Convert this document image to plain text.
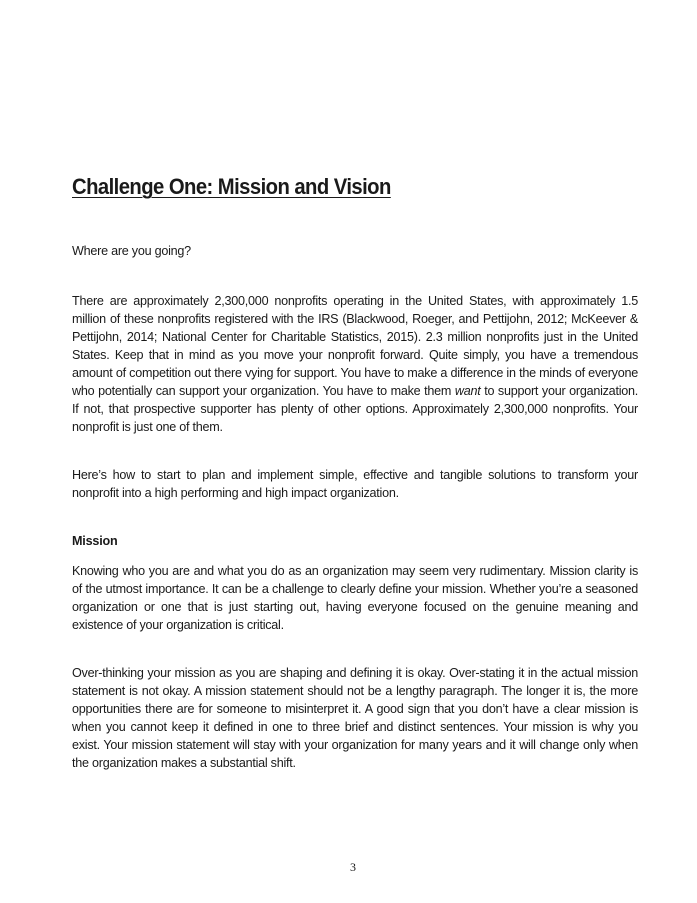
Challenge One: Mission and Vision

Where are you going?

There are approximately 2,300,000 nonprofits operating in the United States, with approximately 1.5 million of these nonprofits registered with the IRS (Blackwood, Roeger, and Pettijohn, 2012; McKeever & Pettijohn, 2014; National Center for Charitable Statistics, 2015). 2.3 million nonprofits just in the United States. Keep that in mind as you move your nonprofit forward. Quite simply, you have a tremendous amount of competition out there vying for support. You have to make a difference in the minds of everyone who potentially can support your organization. You have to make them want to support your organization. If not, that prospective supporter has plenty of other options. Approximately 2,300,000 nonprofits. Your nonprofit is just one of them.

Here’s how to start to plan and implement simple, effective and tangible solutions to transform your nonprofit into a high performing and high impact organization.

Mission

Knowing who you are and what you do as an organization may seem very rudimentary. Mission clarity is of the utmost importance. It can be a challenge to clearly define your mission. Whether you’re a seasoned organization or one that is just starting out, having everyone focused on the genuine meaning and existence of your organization is critical.

Over-thinking your mission as you are shaping and defining it is okay. Over-stating it in the actual mission statement is not okay. A mission statement should not be a lengthy paragraph. The longer it is, the more opportunities there are for someone to misinterpret it. A good sign that you don’t have a clear mission is when you cannot keep it defined in one to three brief and distinct sentences. Your mission is why you exist. Your mission statement will stay with your organization for many years and it will change only when the organization makes a substantial shift.

3
